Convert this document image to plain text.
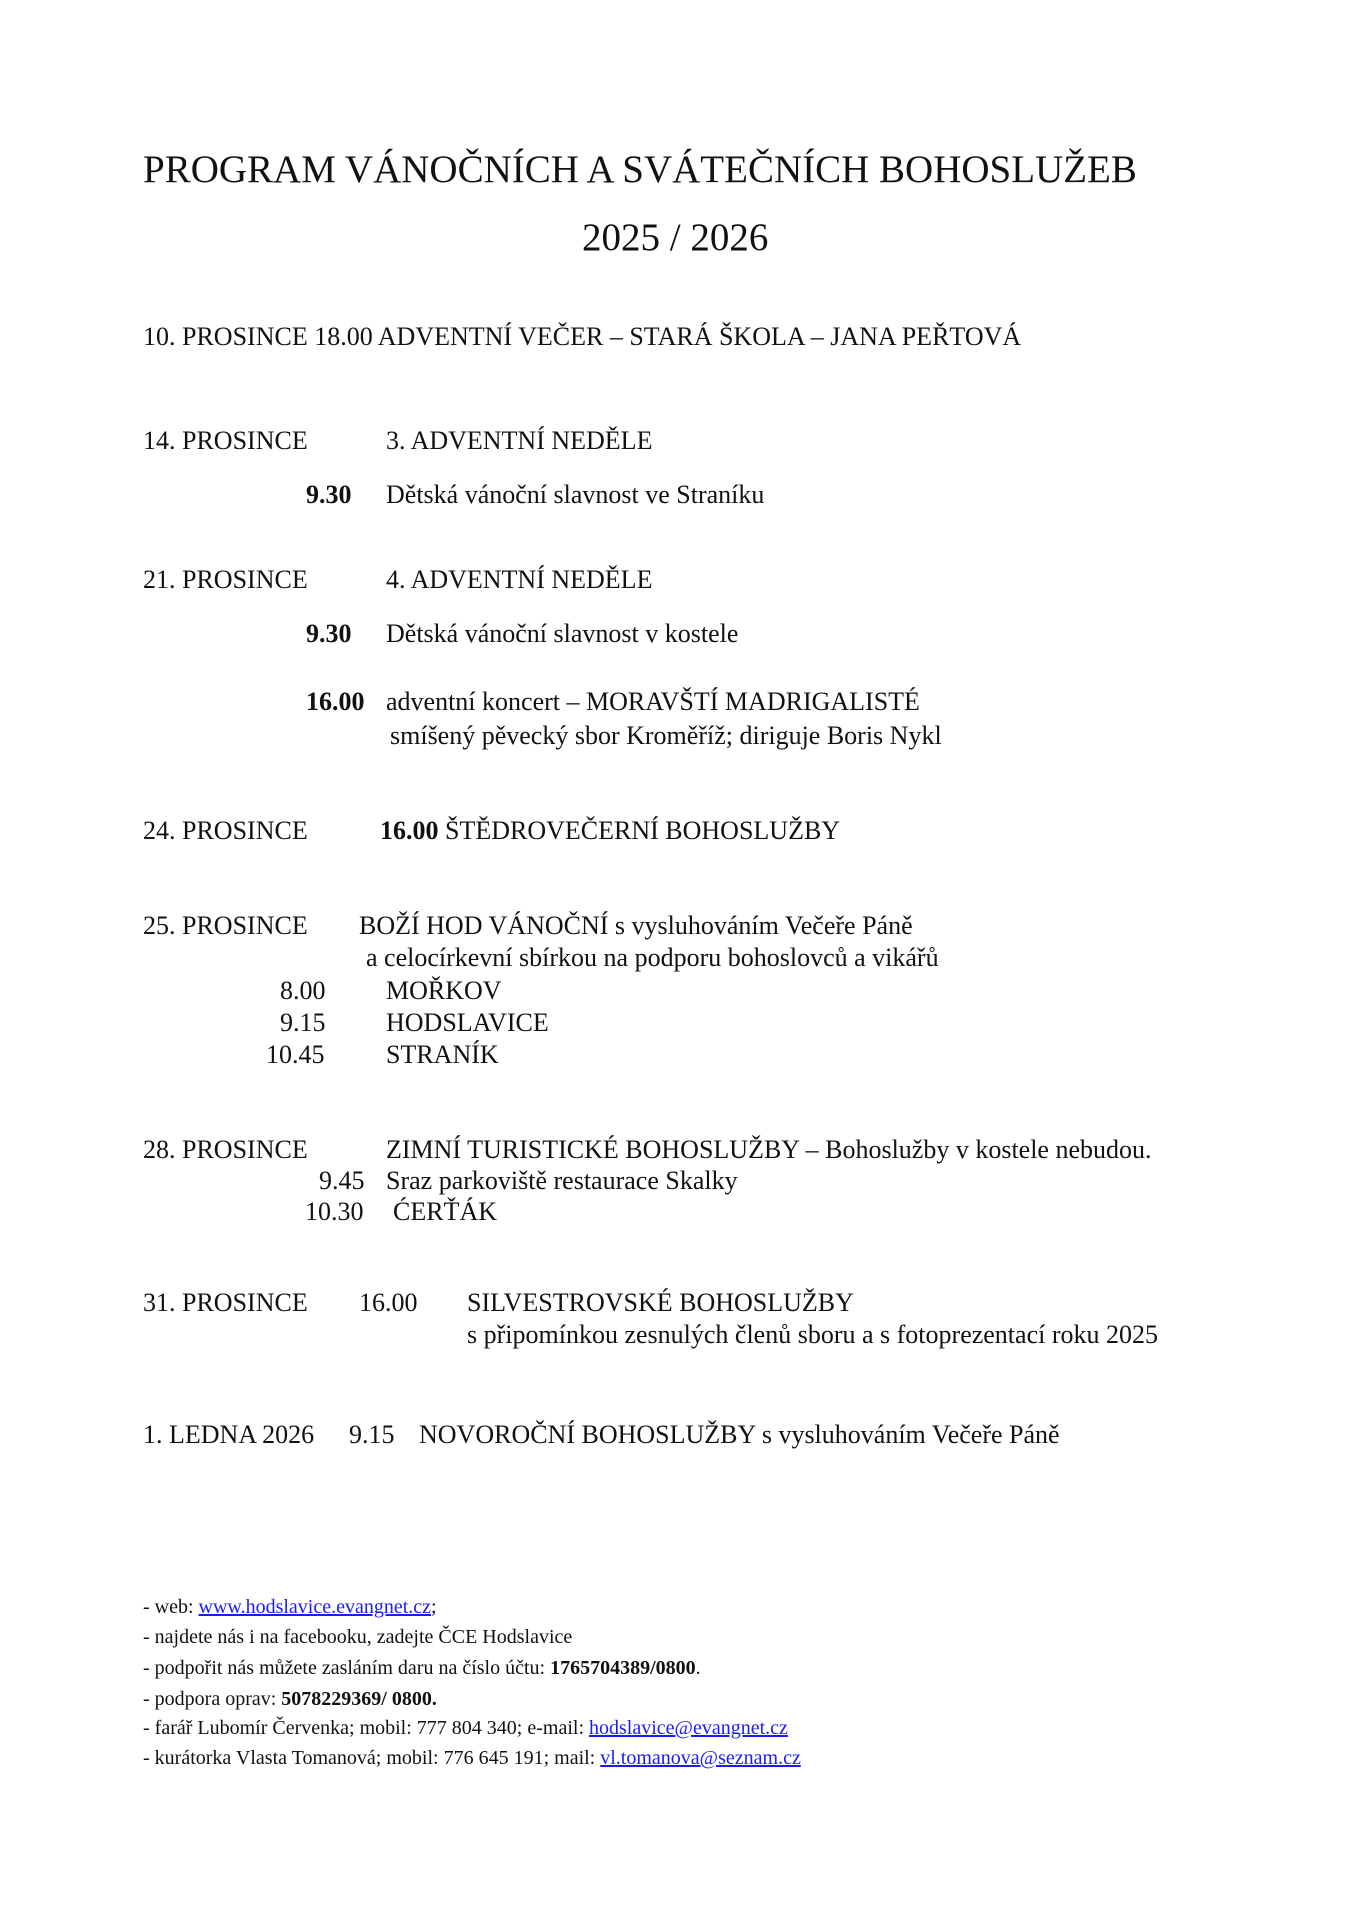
PROGRAM VÁNOČNÍCH A SVÁTEČNÍCH BOHOSLUŽEB
2025 / 2026
10. PROSINCE 18.00 ADVENTNÍ VEČER – STARÁ ŠKOLA – JANA PEŘTOVÁ
14. PROSINCE	3. ADVENTNÍ NEDĚLE
9.30 Dětská vánoční slavnost ve Straníku
21. PROSINCE	4. ADVENTNÍ NEDĚLE
9.30 Dětská vánoční slavnost v kostele
16.00 adventní koncert – MORAVŠTÍ MADRIGALISTÉ
smíšený pěvecký sbor Kroměříž; diriguje Boris Nykl
24. PROSINCE	16.00 ŠTĚDROVEČERNÍ BOHOSLUŽBY
25. PROSINCE BOŽÍ HOD VÁNOČNÍ s vysluhováním Večeře Páně
a celocírkevní sbírkou na podporu bohoslovců a vikářů
8.00 MOŘKOV
9.15 HODSLAVICE
10.45 STRANÍK
28. PROSINCE	ZIMNÍ TURISTICKÉ BOHOSLUŽBY – Bohoslužby v kostele nebudou.
9.45 Sraz parkoviště restaurace Skalky
10.30 ĆERŤÁK
31. PROSINCE 16.00 SILVESTROVSKÉ BOHOSLUŽBY
s připomínkou zesnulých členů sboru a s fotoprezentací roku 2025
1. LEDNA 2026 9.15 NOVOROČNÍ BOHOSLUŽBY s vysluhováním Večeře Páně
- web: www.hodslavice.evangnet.cz;
- najdete nás i na facebooku, zadejte ČCE Hodslavice
- podpořit nás můžete zasláním daru na číslo účtu: 1765704389/0800.
- podpora oprav: 5078229369/ 0800.
- farář Lubomír Červenka; mobil: 777 804 340; e-mail: hodslavice@evangnet.cz
- kurátorka Vlasta Tomanová; mobil: 776 645 191; mail: vl.tomanova@seznam.cz
